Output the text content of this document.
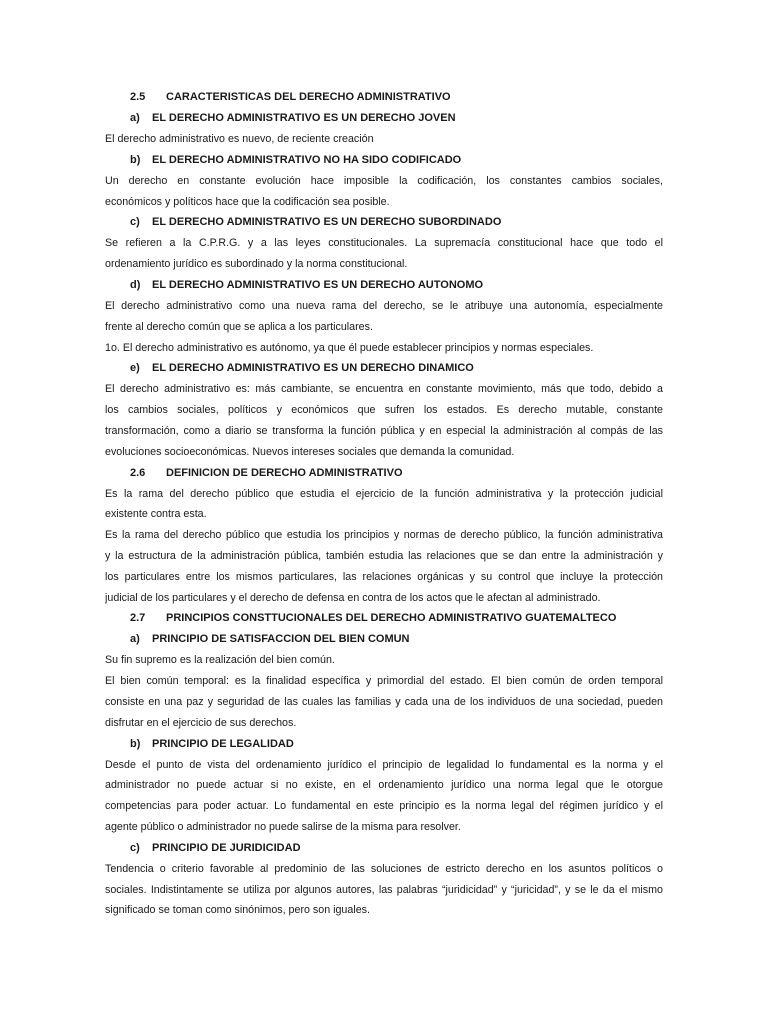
2.5 CARACTERISTICAS DEL DERECHO ADMINISTRATIVO
a) EL DERECHO ADMINISTRATIVO ES UN DERECHO JOVEN
El derecho administrativo es nuevo, de reciente creación
b) EL DERECHO ADMINISTRATIVO NO HA SIDO CODIFICADO
Un derecho en constante evolución hace imposible la codificación, los constantes cambios sociales,
económicos y políticos hace que la codificación sea posible.
c) EL DERECHO ADMINISTRATIVO ES UN DERECHO SUBORDINADO
Se refieren a la C.P.R.G. y a las leyes constitucionales. La supremacía constitucional hace que todo el
ordenamiento jurídico es subordinado y la norma constitucional.
d) EL DERECHO ADMINISTRATIVO ES UN DERECHO AUTONOMO
El derecho administrativo como una nueva rama del derecho, se le atribuye una autonomía, especialmente
frente al derecho común que se aplica a los particulares.
1o. El derecho administrativo es autónomo, ya que él puede establecer principios y normas especiales.
e) EL DERECHO ADMINISTRATIVO ES UN DERECHO DINAMICO
El derecho administrativo es: más cambiante, se encuentra en constante movimiento, más que todo, debido a
los cambios sociales, políticos y económicos que sufren los estados. Es derecho mutable, constante
transformación, como a diario se transforma la función pública y en especial la administración al compás de las
evoluciones socioeconómicas. Nuevos intereses sociales que demanda la comunidad.
2.6 DEFINICION DE DERECHO ADMINISTRATIVO
Es la rama del derecho público que estudia el ejercicio de la función administrativa y la protección judicial
existente contra esta.
Es la rama del derecho público que estudia los principios y normas de derecho público, la función administrativa
y la estructura de la administración pública, también estudia las relaciones que se dan entre la administración y
los particulares entre los mismos particulares, las relaciones orgánicas y su control que incluye la protección
judicial de los particulares y el derecho de defensa en contra de los actos que le afectan al administrado.
2.7 PRINCIPIOS CONSTTUCIONALES DEL DERECHO ADMINISTRATIVO GUATEMALTECO
a) PRINCIPIO DE SATISFACCION DEL BIEN COMUN
Su fin supremo es la realización del bien común.
El bien común temporal: es la finalidad específica y primordial del estado. El bien común de orden temporal
consiste en una paz y seguridad de las cuales las familias y cada una de los individuos de una sociedad, pueden
disfrutar en el ejercicio de sus derechos.
b) PRINCIPIO DE LEGALIDAD
Desde el punto de vista del ordenamiento jurídico el principio de legalidad lo fundamental es la norma y el
administrador no puede actuar si no existe, en el ordenamiento jurídico una norma legal que le otorgue
competencias para poder actuar. Lo fundamental en este principio es la norma legal del régimen jurídico y el
agente público o administrador no puede salirse de la misma para resolver.
c) PRINCIPIO DE JURIDICIDAD
Tendencia o criterio favorable al predominio de las soluciones de estricto derecho en los asuntos políticos o
sociales. Indistintamente se utiliza por algunos autores, las palabras “juridicidad” y “juricidad”, y se le da el mismo
significado se toman como sinónimos, pero son iguales.
